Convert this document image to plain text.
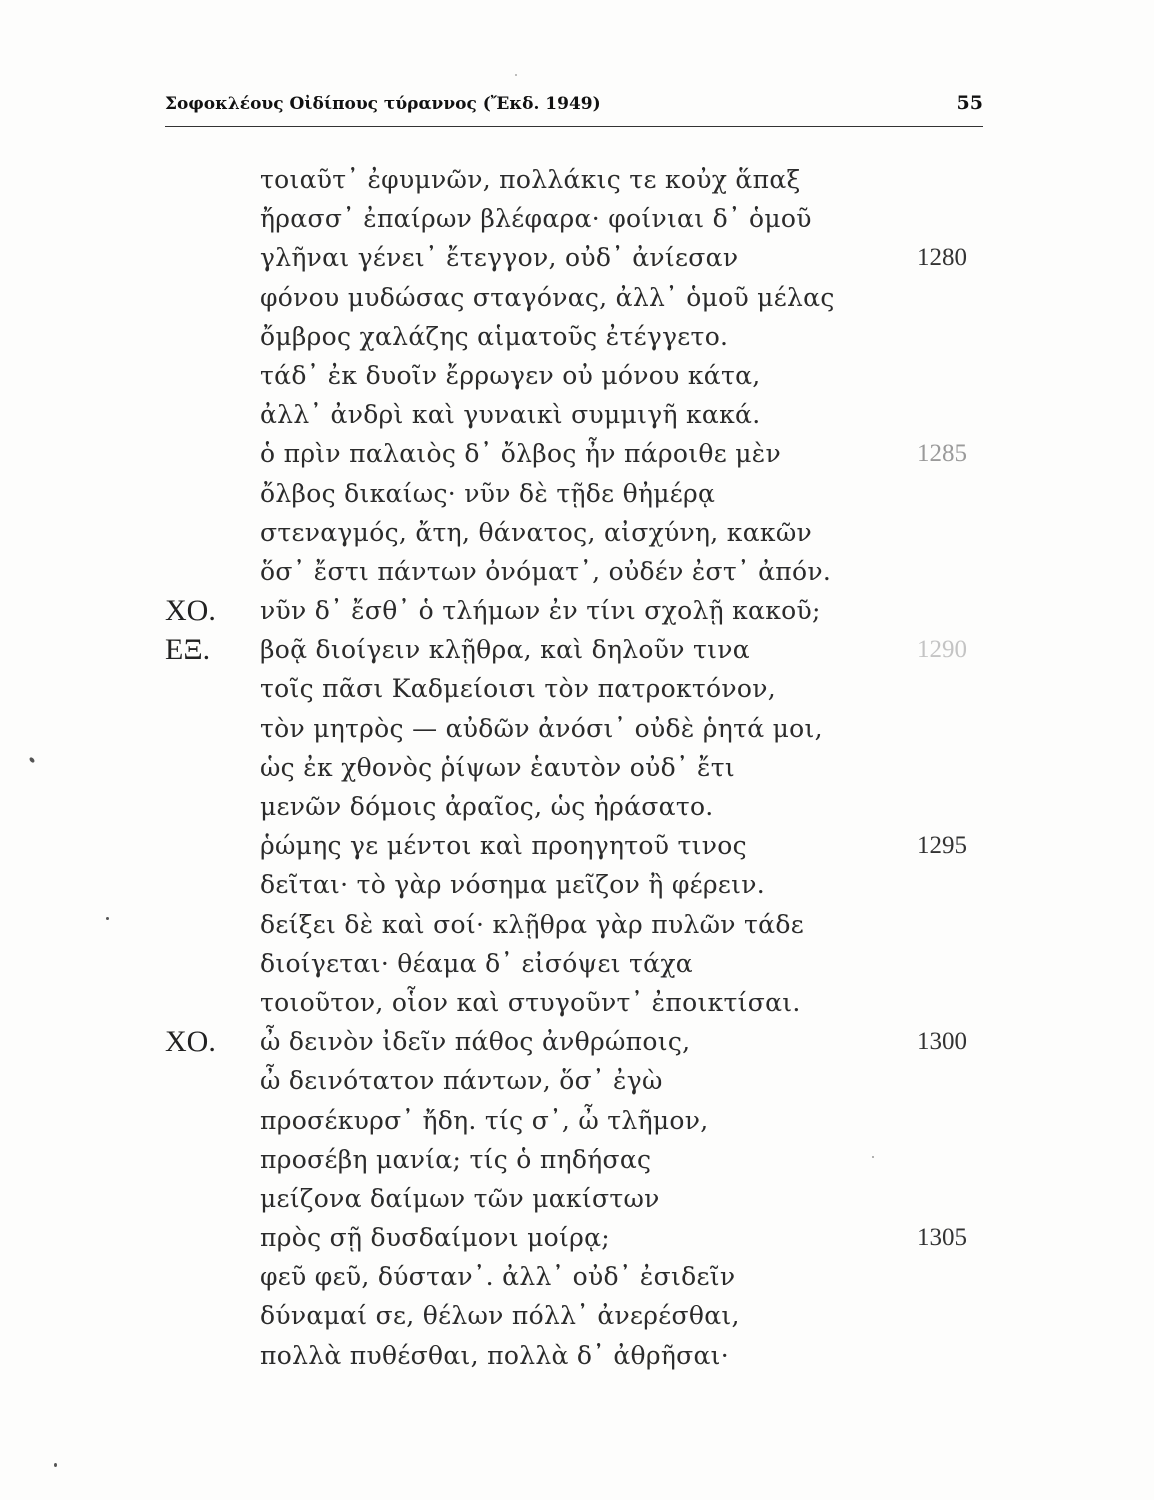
Σοφοκλέους Οἰδίπους τύραννος (Ἔκδ. 1949)	55
τοιαῦτ᾽ ἐφυμνῶν, πολλάκις τε κοὐχ ἅπαξ
ἤρασσ᾽ ἐπαίρων βλέφαρα· φοίνιαι δ᾽ ὁμοῦ
γλῆναι γένει᾽ ἔτεγγον, οὐδ᾽ ἀνίεσαν	1280
φόνου μυδώσας σταγόνας, ἀλλ᾽ ὁμοῦ μέλας
ὄμβρος χαλάζης αἱματοῦς ἐτέγγετο.
τάδ᾽ ἐκ δυοῖν ἔρρωγεν οὐ μόνου κάτα,
ἀλλ᾽ ἀνδρὶ καὶ γυναικὶ συμμιγῆ κακά.
ὁ πρὶν παλαιὸς δ᾽ ὄλβος ἦν πάροιθε μὲν	1285
ὄλβος δικαίως· νῦν δὲ τῇδε θἠμέρᾳ
στεναγμός, ἄτη, θάνατος, αἰσχύνη, κακῶν
ὅσ᾽ ἔστι πάντων ὀνόματ᾽, οὐδέν ἐστ᾽ ἀπόν.
ΧΟ. νῦν δ᾽ ἔσθ᾽ ὁ τλήμων ἐν τίνι σχολῇ κακοῦ;
ΕΞ. βοᾷ διοίγειν κλῇθρα, καὶ δηλοῦν τινα	1290
τοῖς πᾶσι Καδμείοισι τὸν πατροκτόνον,
τὸν μητρὸς — αὐδῶν ἀνόσι᾽ οὐδὲ ῥητά μοι,
ὡς ἐκ χθονὸς ῥίψων ἑαυτὸν οὐδ᾽ ἔτι
μενῶν δόμοις ἀραῖος, ὡς ἠράσατο.
ῥώμης γε μέντοι καὶ προηγητοῦ τινος	1295
δεῖται· τὸ γὰρ νόσημα μεῖζον ἢ φέρειν.
δείξει δὲ καὶ σοί· κλῇθρα γὰρ πυλῶν τάδε
διοίγεται· θέαμα δ᾽ εἰσόψει τάχα
τοιοῦτον, οἷον καὶ στυγοῦντ᾽ ἐποικτίσαι.
ΧΟ. ὦ δεινὸν ἰδεῖν πάθος ἀνθρώποις,	1300
ὦ δεινότατον πάντων, ὅσ᾽ ἐγὼ
προσέκυρσ᾽ ἤδη. τίς σ᾽, ὦ τλῆμον,
προσέβη μανία; τίς ὁ πηδήσας
μείζονα δαίμων τῶν μακίστων
πρὸς σῇ δυσδαίμονι μοίρᾳ;	1305
φεῦ φεῦ, δύσταν᾽. ἀλλ᾽ οὐδ᾽ ἐσιδεῖν
δύναμαί σε, θέλων πόλλ᾽ ἀνερέσθαι,
πολλὰ πυθέσθαι, πολλὰ δ᾽ ἀθρῆσαι·
